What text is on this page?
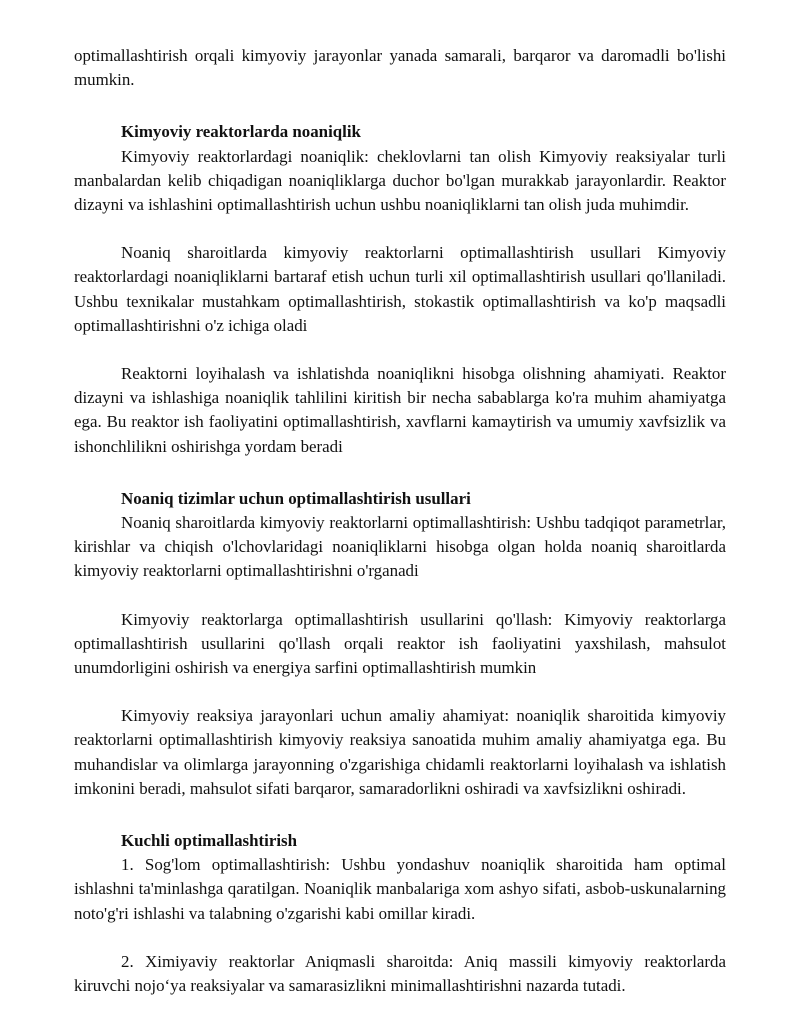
optimallashtirish orqali kimyoviy jarayonlar yanada samarali, barqaror va daromadli bo'lishi mumkin.

Kimyoviy reaktorlarda noaniqlik

Kimyoviy reaktorlardagi noaniqlik: cheklovlarni tan olish Kimyoviy reaksiyalar turli manbalardan kelib chiqadigan noaniqliklarga duchor bo'lgan murakkab jarayonlardir. Reaktor dizayni va ishlashini optimallashtirish uchun ushbu noaniqliklarni tan olish juda muhimdir.

Noaniq sharoitlarda kimyoviy reaktorlarni optimallashtirish usullari Kimyoviy reaktorlardagi noaniqliklarni bartaraf etish uchun turli xil optimallashtirish usullari qo'llaniladi. Ushbu texnikalar mustahkam optimallashtirish, stokastik optimallashtirish va ko'p maqsadli optimallashtirishni o'z ichiga oladi

Reaktorni loyihalash va ishlatishda noaniqlikni hisobga olishning ahamiyati. Reaktor dizayni va ishlashiga noaniqlik tahlilini kiritish bir necha sabablarga ko'ra muhim ahamiyatga ega. Bu reaktor ish faoliyatini optimallashtirish, xavflarni kamaytirish va umumiy xavfsizlik va ishonchlilikni oshirishga yordam beradi

Noaniq tizimlar uchun optimallashtirish usullari

Noaniq sharoitlarda kimyoviy reaktorlarni optimallashtirish: Ushbu tadqiqot parametrlar, kirishlar va chiqish o'lchovlaridagi noaniqliklarni hisobga olgan holda noaniq sharoitlarda kimyoviy reaktorlarni optimallashtirishni o'rganadi

Kimyoviy reaktorlarga optimallashtirish usullarini qo'llash: Kimyoviy reaktorlarga optimallashtirish usullarini qo'llash orqali reaktor ish faoliyatini yaxshilash, mahsulot unumdorligini oshirish va energiya sarfini optimallashtirish mumkin

Kimyoviy reaksiya jarayonlari uchun amaliy ahamiyat: noaniqlik sharoitida kimyoviy reaktorlarni optimallashtirish kimyoviy reaksiya sanoatida muhim amaliy ahamiyatga ega. Bu muhandislar va olimlarga jarayonning o'zgarishiga chidamli reaktorlarni loyihalash va ishlatish imkonini beradi, mahsulot sifati barqaror, samaradorlikni oshiradi va xavfsizlikni oshiradi.

Kuchli optimallashtirish

1. Sog'lom optimallashtirish: Ushbu yondashuv noaniqlik sharoitida ham optimal ishlashni ta'minlashga qaratilgan. Noaniqlik manbalariga xom ashyo sifati, asbob-uskunalarning noto'g'ri ishlashi va talabning o'zgarishi kabi omillar kiradi.

2. Ximiyaviy reaktorlar Aniqmasli sharoitda: Aniq massili kimyoviy reaktorlarda kiruvchi nojo‘ya reaksiyalar va samarasizlikni minimallashtirishni nazarda tutadi.
